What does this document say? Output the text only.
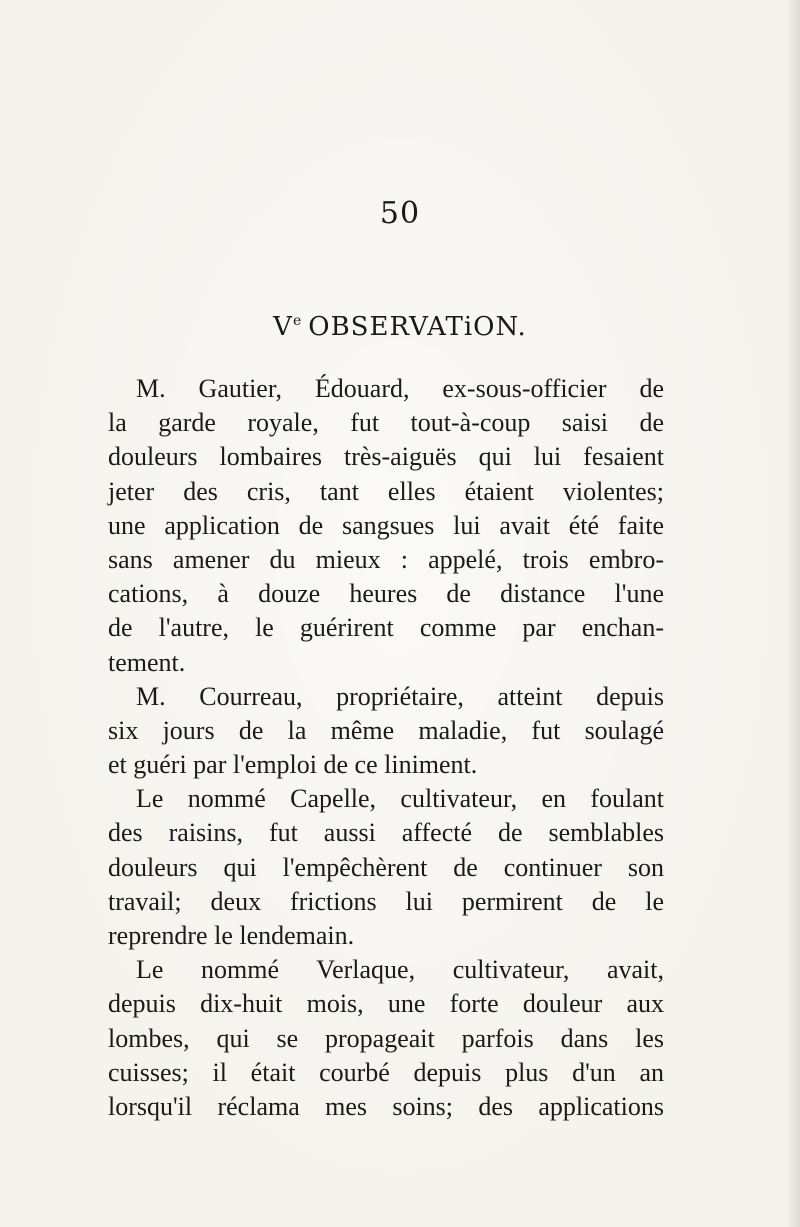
50
Ve OBSERVATiON.
M. Gautier, Édouard, ex-sous-officier de
la garde royale, fut tout-à-coup saisi de
douleurs lombaires très-aiguës qui lui fesaient
jeter des cris, tant elles étaient violentes;
une application de sangsues lui avait été faite
sans amener du mieux : appelé, trois embro-
cations, à douze heures de distance l'une
de l'autre, le guérirent comme par enchan-
tement.
M. Courreau, propriétaire, atteint depuis
six jours de la même maladie, fut soulagé
et guéri par l'emploi de ce liniment.
Le nommé Capelle, cultivateur, en foulant
des raisins, fut aussi affecté de semblables
douleurs qui l'empêchèrent de continuer son
travail; deux frictions lui permirent de le
reprendre le lendemain.
Le nommé Verlaque, cultivateur, avait,
depuis dix-huit mois, une forte douleur aux
lombes, qui se propageait parfois dans les
cuisses; il était courbé depuis plus d'un an
lorsqu'il réclama mes soins; des applications
